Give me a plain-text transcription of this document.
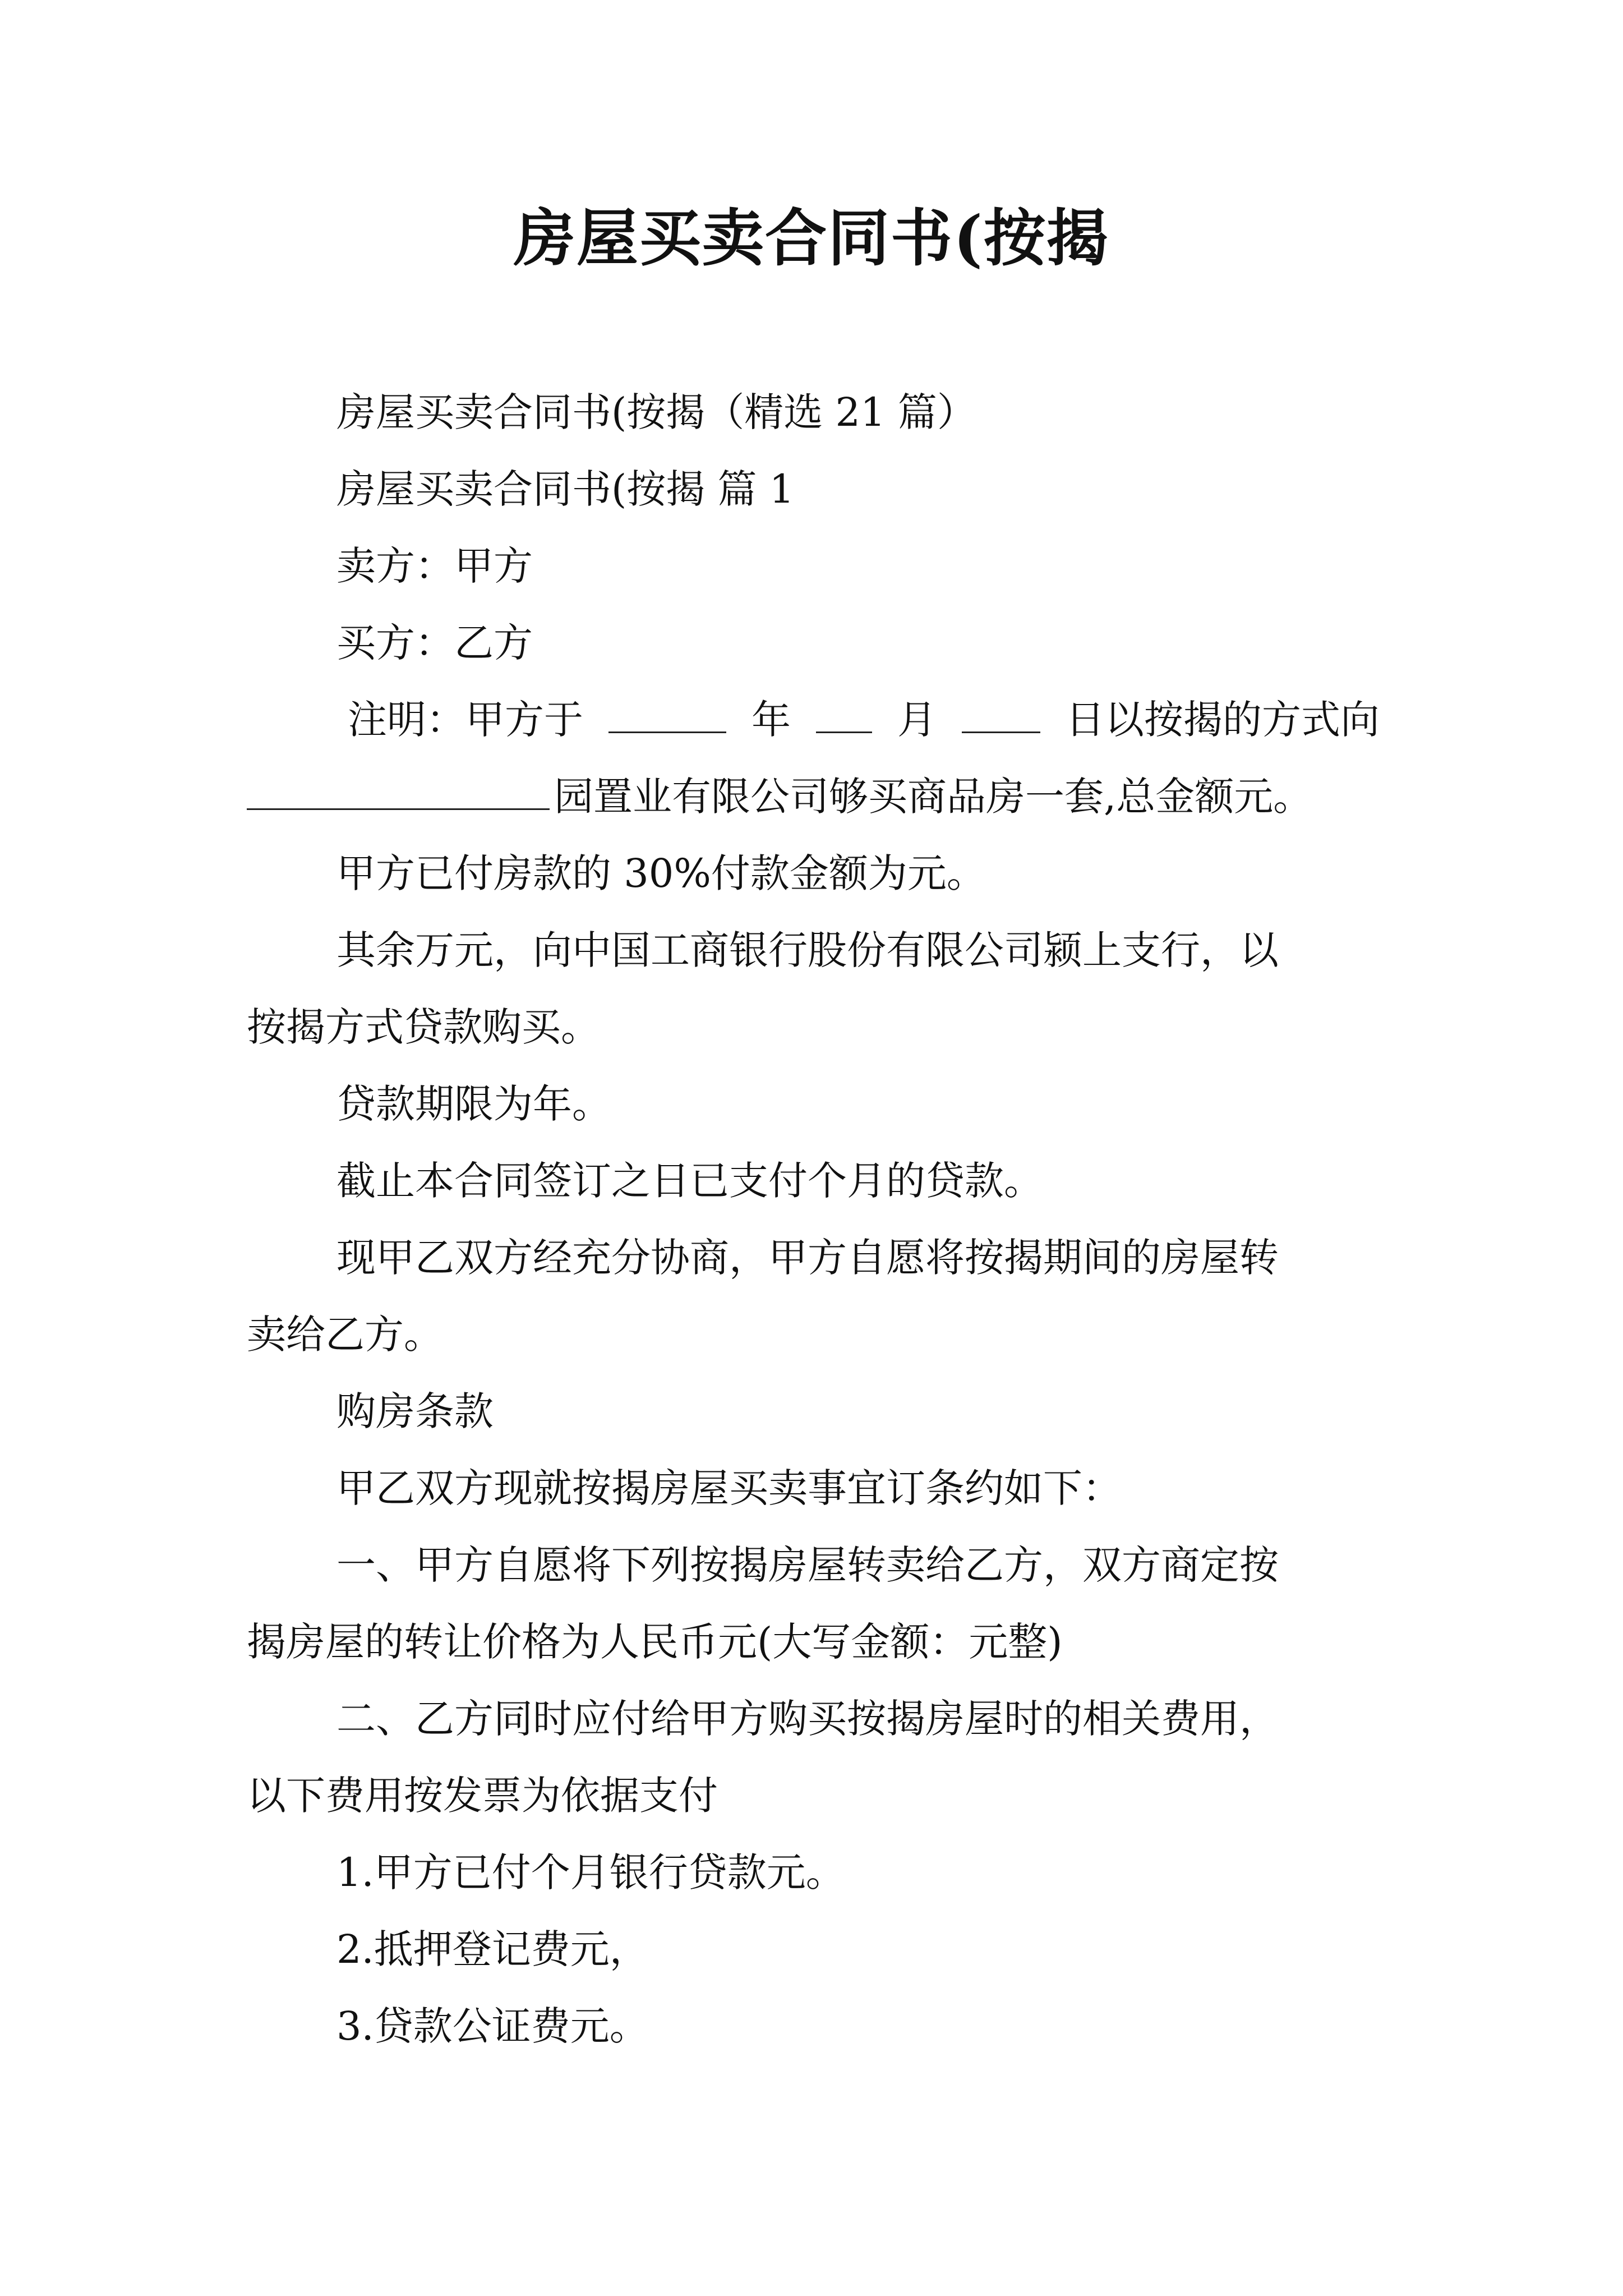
房屋买卖合同书(按揭
房屋买卖合同书(按揭（精选 21 篇）
房屋买卖合同书(按揭 篇 1
卖方：甲方
买方：乙方
注明：甲方于	年	月	日以按揭的方式向
园置业有限公司够买商品房一套,总金额元。
甲方已付房款的 30%付款金额为元。
其余万元，向中国工商银行股份有限公司颍上支行，以
按揭方式贷款购买。
贷款期限为年。
截止本合同签订之日已支付个月的贷款。
现甲乙双方经充分协商，甲方自愿将按揭期间的房屋转
卖给乙方。
购房条款
甲乙双方现就按揭房屋买卖事宜订条约如下：
一、甲方自愿将下列按揭房屋转卖给乙方，双方商定按
揭房屋的转让价格为人民币元(大写金额：元整)
二、乙方同时应付给甲方购买按揭房屋时的相关费用，
以下费用按发票为依据支付
1.甲方已付个月银行贷款元。
2.抵押登记费元，
3.贷款公证费元。
